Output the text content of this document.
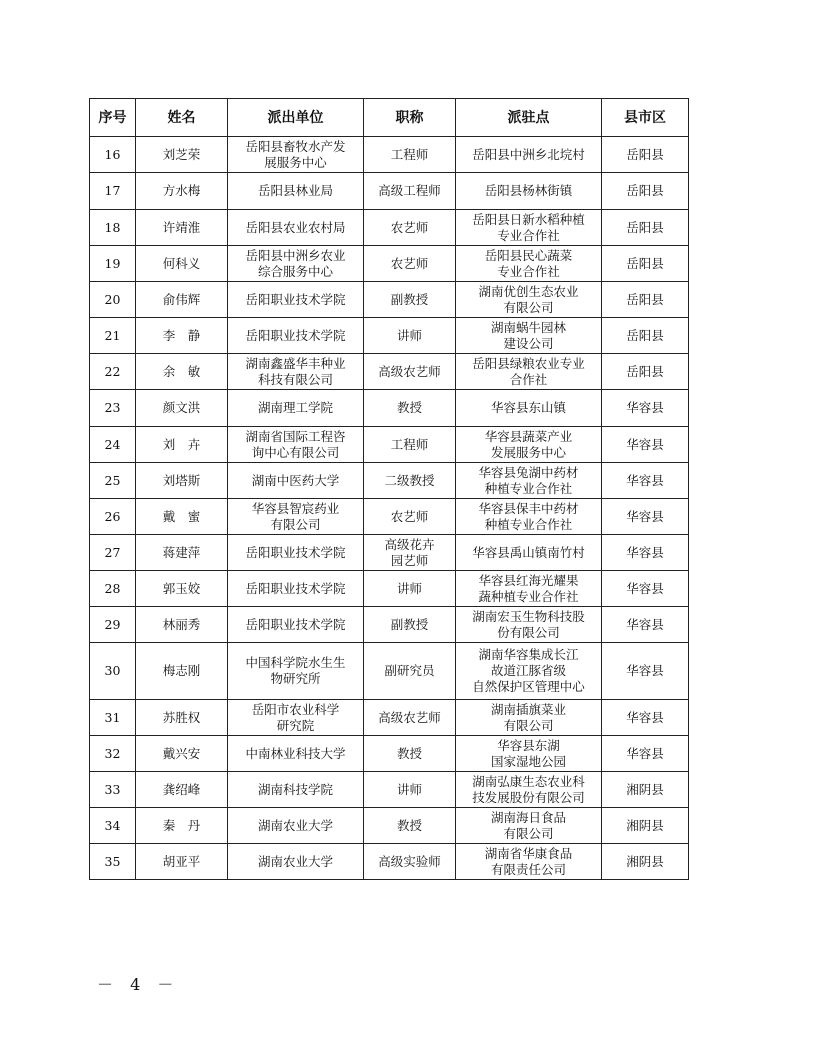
序号	姓名	派出单位	职称	派驻点	县市区

16	刘芝荣	岳阳县畜牧水产发
展服务中心	工程师	岳阳县中洲乡北垸村	岳阳县

17	方水梅	岳阳县林业局	高级工程师	岳阳县杨林街镇	岳阳县

18	许靖淮	岳阳县农业农村局	农艺师	岳阳县日新水稻种植
专业合作社	岳阳县

19	何科义	岳阳县中洲乡农业
综合服务中心	农艺师	岳阳县民心蔬菜
专业合作社	岳阳县

20	俞伟辉	岳阳职业技术学院	副教授	湖南优创生态农业
有限公司	岳阳县

21	李　静	岳阳职业技术学院	讲师	湖南蜗牛园林
建设公司	岳阳县

22	余　敏	湖南鑫盛华丰种业
科技有限公司	高级农艺师	岳阳县绿粮农业专业
合作社	岳阳县

23	颜文洪	湖南理工学院	教授	华容县东山镇	华容县

24	刘　卉	湖南省国际工程咨
询中心有限公司	工程师	华容县蔬菜产业
发展服务中心	华容县

25	刘塔斯	湖南中医药大学	二级教授	华容县兔湖中药材
种植专业合作社	华容县

26	戴　蜜	华容县智宸药业
有限公司	农艺师	华容县保丰中药材
种植专业合作社	华容县

27	蒋建萍	岳阳职业技术学院	高级花卉
园艺师	华容县禹山镇南竹村	华容县

28	郭玉姣	岳阳职业技术学院	讲师	华容县红海光耀果
蔬种植专业合作社	华容县

29	林丽秀	岳阳职业技术学院	副教授	湖南宏玉生物科技股
份有限公司	华容县

30	梅志刚	中国科学院水生生
物研究所	副研究员	湖南华容集成长江
故道江豚省级
自然保护区管理中心	华容县

31	苏胜权	岳阳市农业科学
研究院	高级农艺师	湖南插旗菜业
有限公司	华容县

32	戴兴安	中南林业科技大学	教授	华容县东湖
国家湿地公园	华容县

33	龚绍峰	湖南科技学院	讲师	湖南弘康生态农业科
技发展股份有限公司	湘阴县

34	秦　丹	湖南农业大学	教授	湖南海日食品
有限公司	湘阴县

35	胡亚平	湖南农业大学	高级实验师	湖南省华康食品
有限责任公司	湘阴县
－ 4 －
